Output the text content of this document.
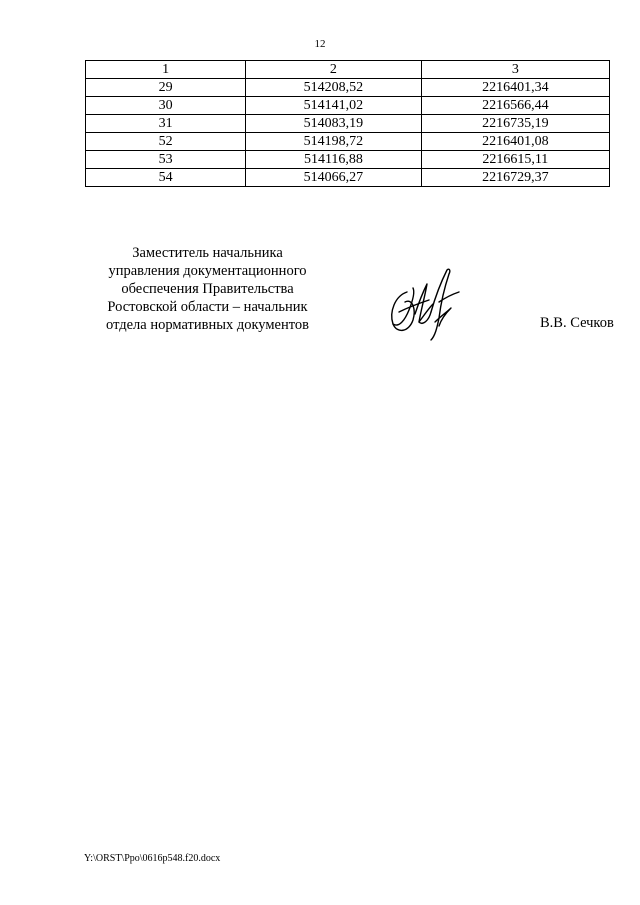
12
1	2	3
29	514208,52	2216401,34
30	514141,02	2216566,44
31	514083,19	2216735,19
52	514198,72	2216401,08
53	514116,88	2216615,11
54	514066,27	2216729,37
Заместитель начальника
управления документационного
обеспечения Правительства
Ростовской области – начальник
отдела нормативных документов	В.В. Сечков
Y:\ORST\Ppo\0616p548.f20.docx
